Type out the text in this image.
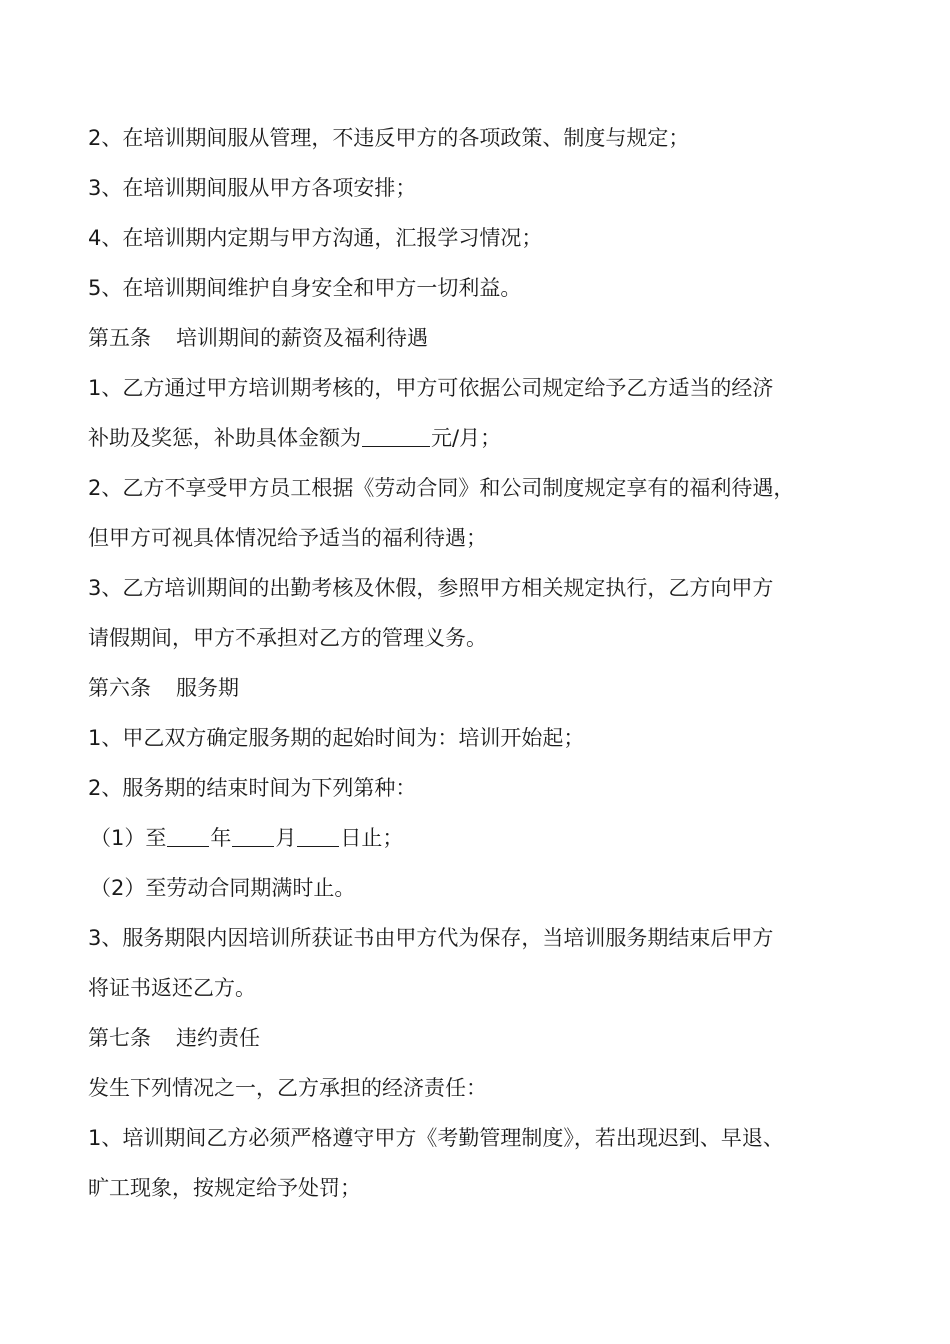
2、在培训期间服从管理，不违反甲方的各项政策、制度与规定；
3、在培训期间服从甲方各项安排；
4、在培训期内定期与甲方沟通，汇报学习情况；
5、在培训期间维护自身安全和甲方一切利益。
第五条 培训期间的薪资及福利待遇
1、乙方通过甲方培训期考核的，甲方可依据公司规定给予乙方适当的经济
补助及奖惩，补助具体金额为	元/月；
2、乙方不享受甲方员工根据《劳动合同》和公司制度规定享有的福利待遇，
但甲方可视具体情况给予适当的福利待遇；
3、乙方培训期间的出勤考核及休假，参照甲方相关规定执行，乙方向甲方
请假期间，甲方不承担对乙方的管理义务。
第六条 服务期
1、甲乙双方确定服务期的起始时间为：培训开始起；
2、服务期的结束时间为下列第种：
（1）至 年 月 日止；
（2）至劳动合同期满时止。
3、服务期限内因培训所获证书由甲方代为保存，当培训服务期结束后甲方
将证书返还乙方。
第七条 违约责任
发生下列情况之一，乙方承担的经济责任：
1、培训期间乙方必须严格遵守甲方《考勤管理制度》，若出现迟到、早退、
旷工现象，按规定给予处罚；
